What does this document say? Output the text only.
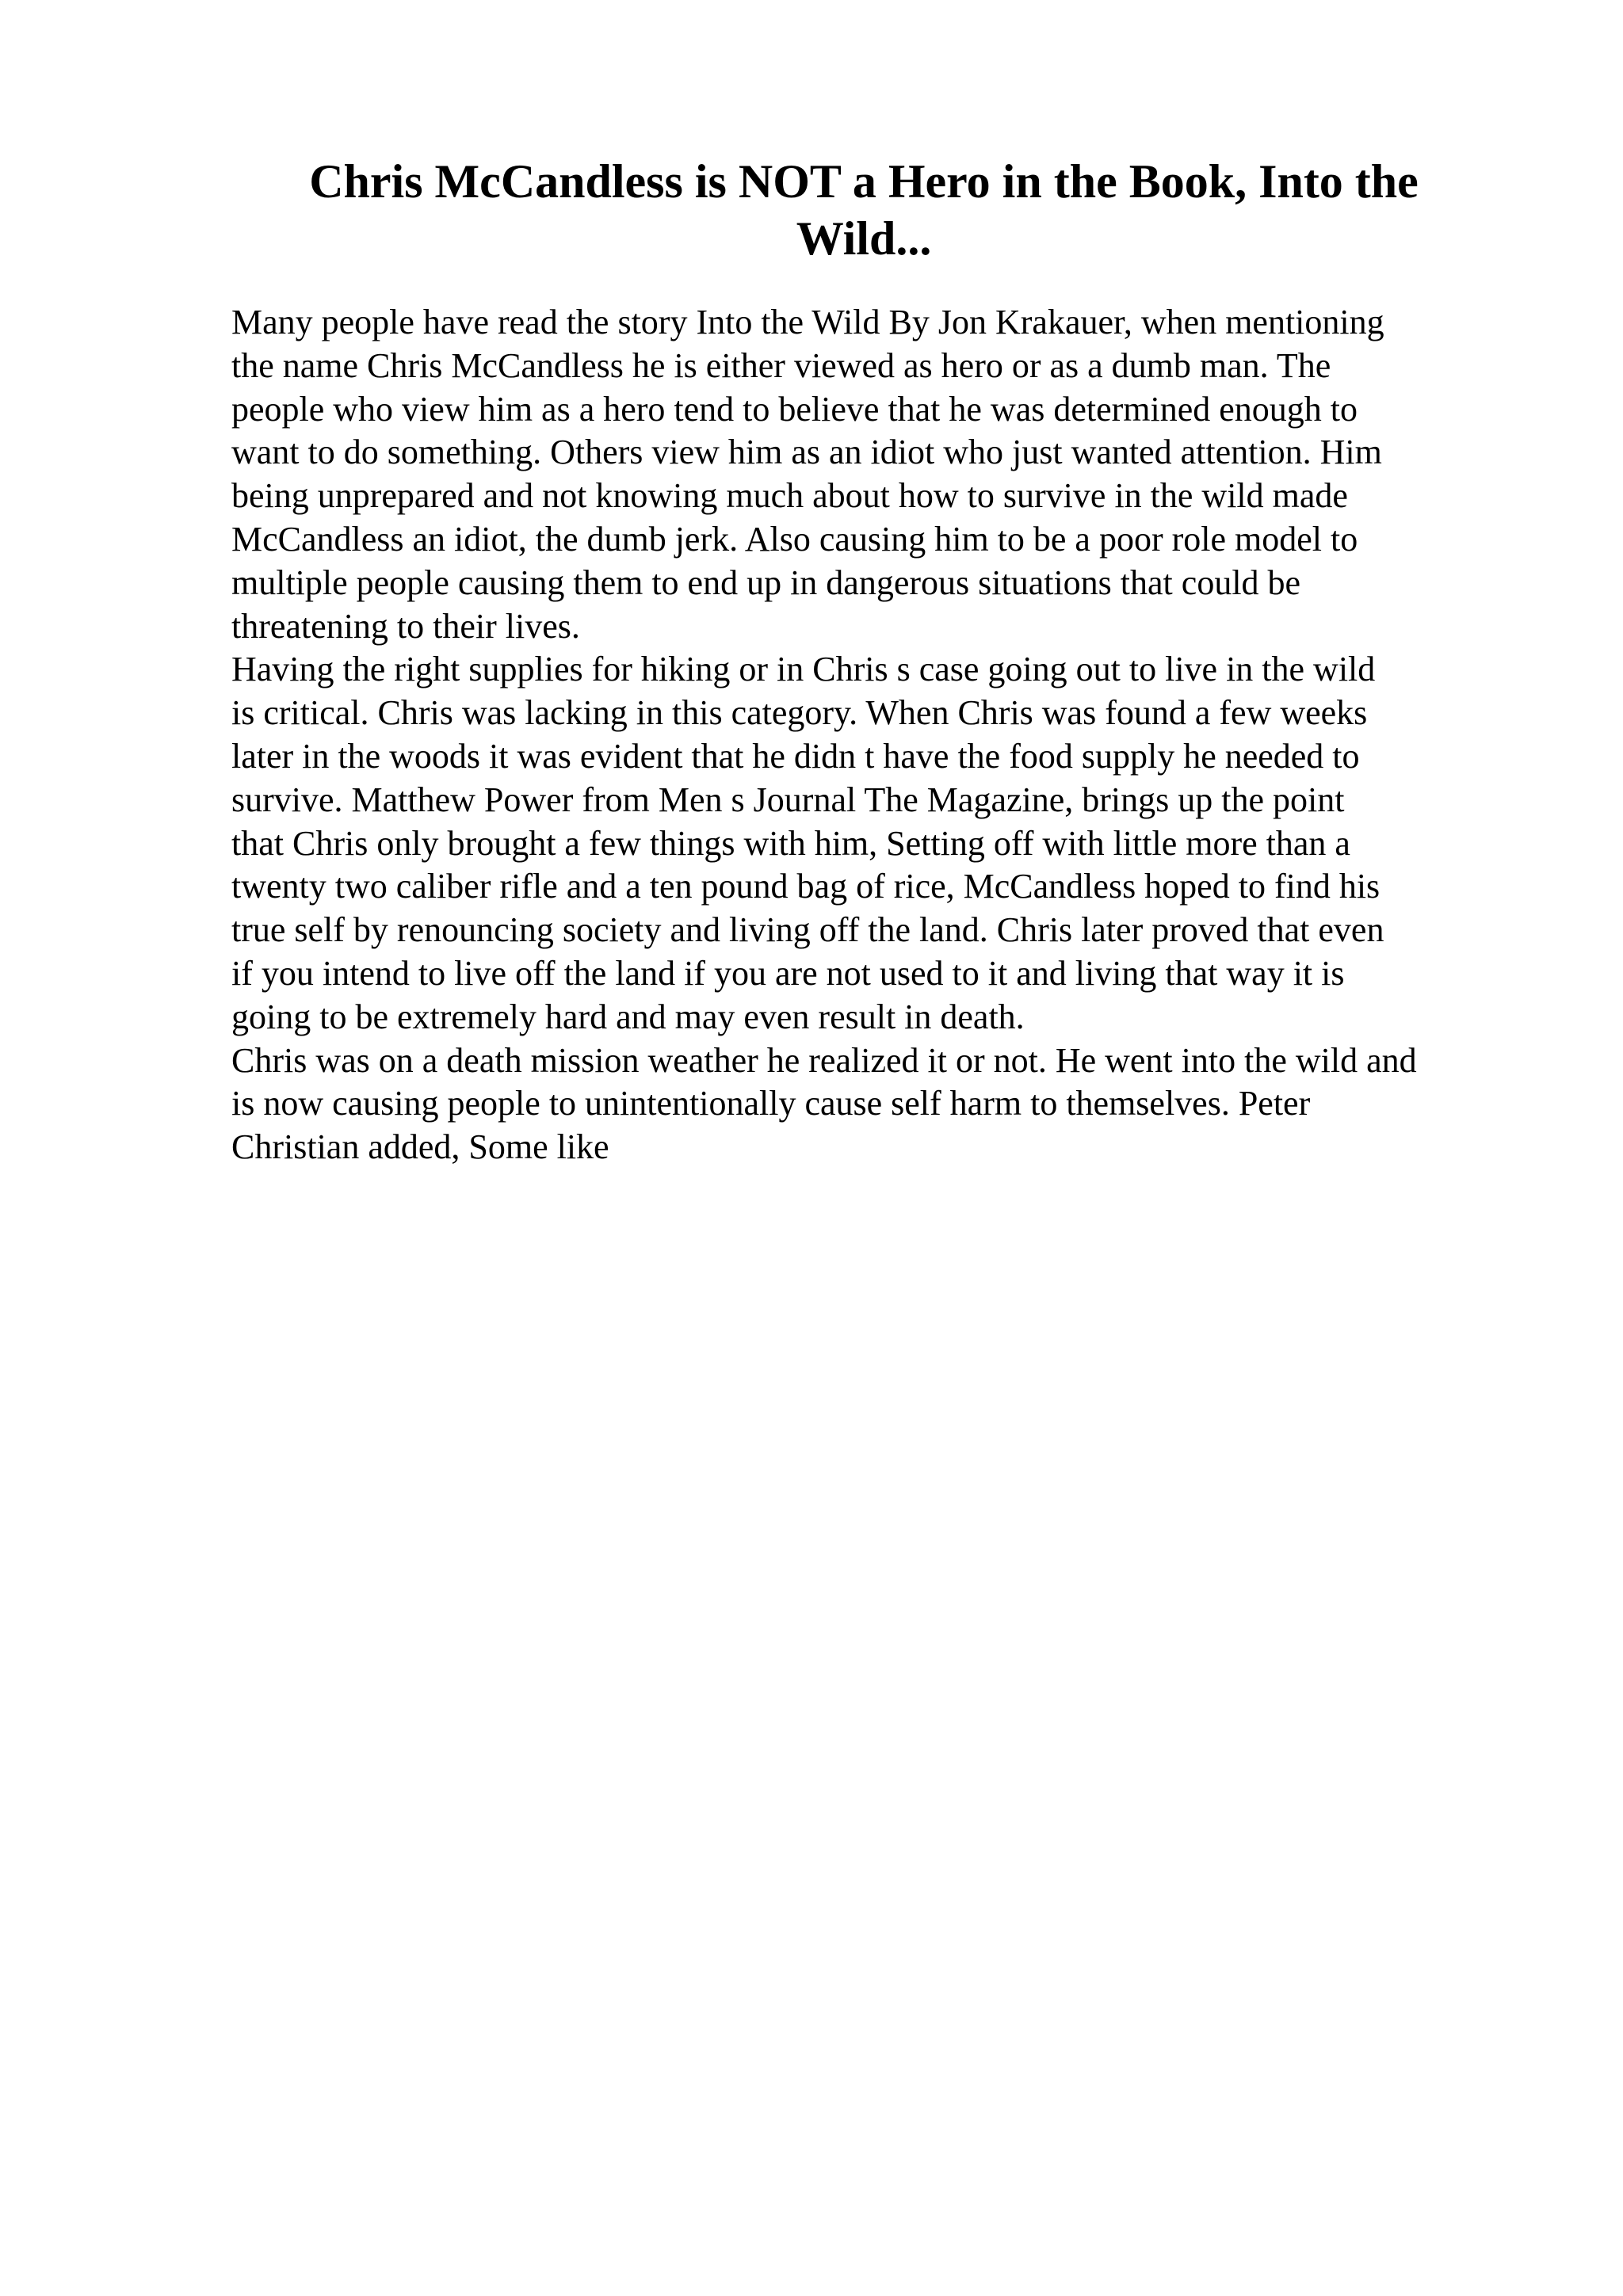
Chris McCandless is NOT a Hero in the Book, Into the
Wild...
Many people have read the story Into the Wild By Jon Krakauer, when mentioning
the name Chris McCandless he is either viewed as hero or as a dumb man. The
people who view him as a hero tend to believe that he was determined enough to
want to do something. Others view him as an idiot who just wanted attention. Him
being unprepared and not knowing much about how to survive in the wild made
McCandless an idiot, the dumb jerk. Also causing him to be a poor role model to
multiple people causing them to end up in dangerous situations that could be
threatening to their lives.
Having the right supplies for hiking or in Chris s case going out to live in the wild
is critical. Chris was lacking in this category. When Chris was found a few weeks
later in the woods it was evident that he didn t have the food supply he needed to
survive. Matthew Power from Men s Journal The Magazine, brings up the point
that Chris only brought a few things with him, Setting off with little more than a
twenty two caliber rifle and a ten pound bag of rice, McCandless hoped to find his
true self by renouncing society and living off the land. Chris later proved that even
if you intend to live off the land if you are not used to it and living that way it is
going to be extremely hard and may even result in death.
Chris was on a death mission weather he realized it or not. He went into the wild and
is now causing people to unintentionally cause self harm to themselves. Peter
Christian added, Some like
